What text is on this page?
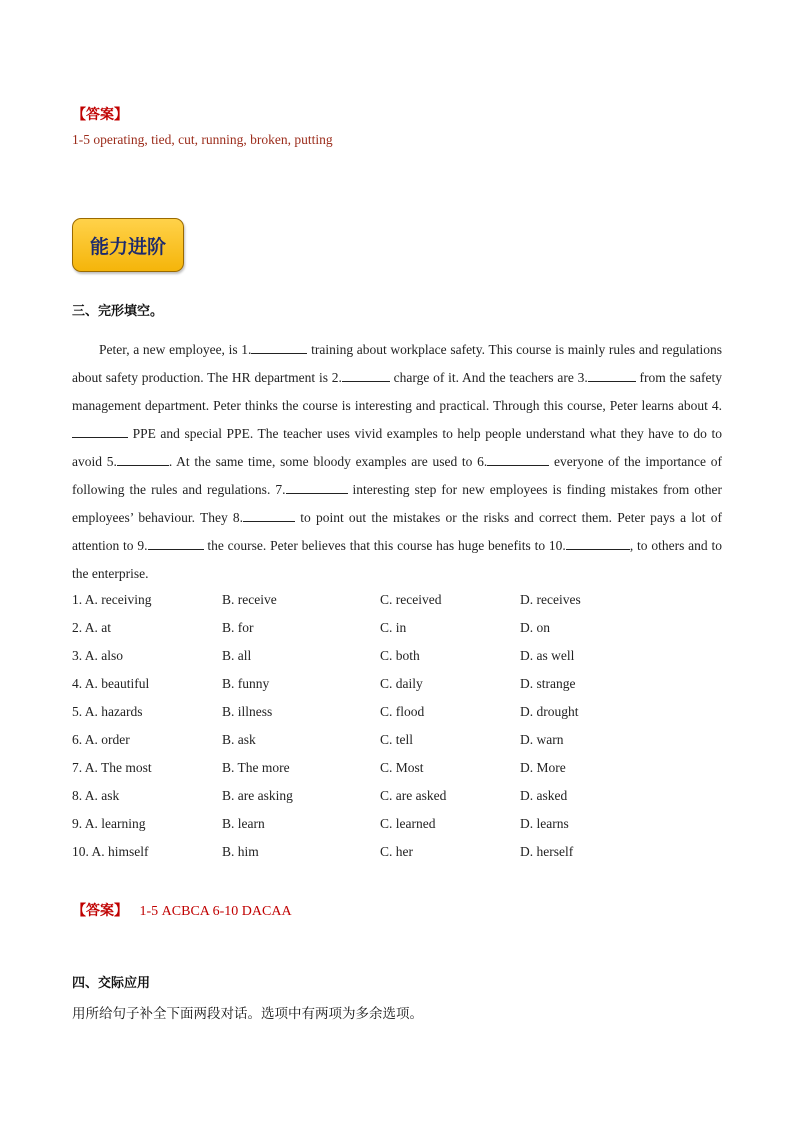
【答案】
1-5 operating, tied, cut, running, broken, putting
能力进阶
三、完形填空。
Peter, a new employee, is 1.	training about workplace safety. This course is mainly rules and regulations about safety production. The HR department is 2.	charge of it. And the teachers are 3.	from the safety management department. Peter thinks the course is interesting and practical. Through this course, Peter learns about 4. PPE and special PPE. The teacher uses vivid examples to help people understand what they have to do to avoid 5.	. At the same time, some bloody examples are used to 6.	everyone of the importance of following the rules and regulations. 7.	interesting step for new employees is finding mistakes from other employees’ behaviour. They 8.	to point out the mistakes or the risks and correct them. Peter pays a lot of attention to 9.	the course. Peter believes that this course has huge benefits to 10.	, to others and to the enterprise.
1. A. receiving	B. receive	C. received	D. receives
2. A. at	B. for	C. in	D. on
3. A. also	B. all	C. both	D. as well
4. A. beautiful	B. funny	C. daily	D. strange
5. A. hazards	B. illness	C. flood	D. drought
6. A. order	B. ask	C. tell	D. warn
7. A. The most	B. The more	C. Most	D. More
8. A. ask	B. are asking	C. are asked	D. asked
9. A. learning	B. learn	C. learned	D. learns
10. A. himself	B. him	C. her	D. herself
【答案】 1-5 ACBCA 6-10 DACAA
四、交际应用
用所给句子补全下面两段对话。选项中有两项为多余选项。
